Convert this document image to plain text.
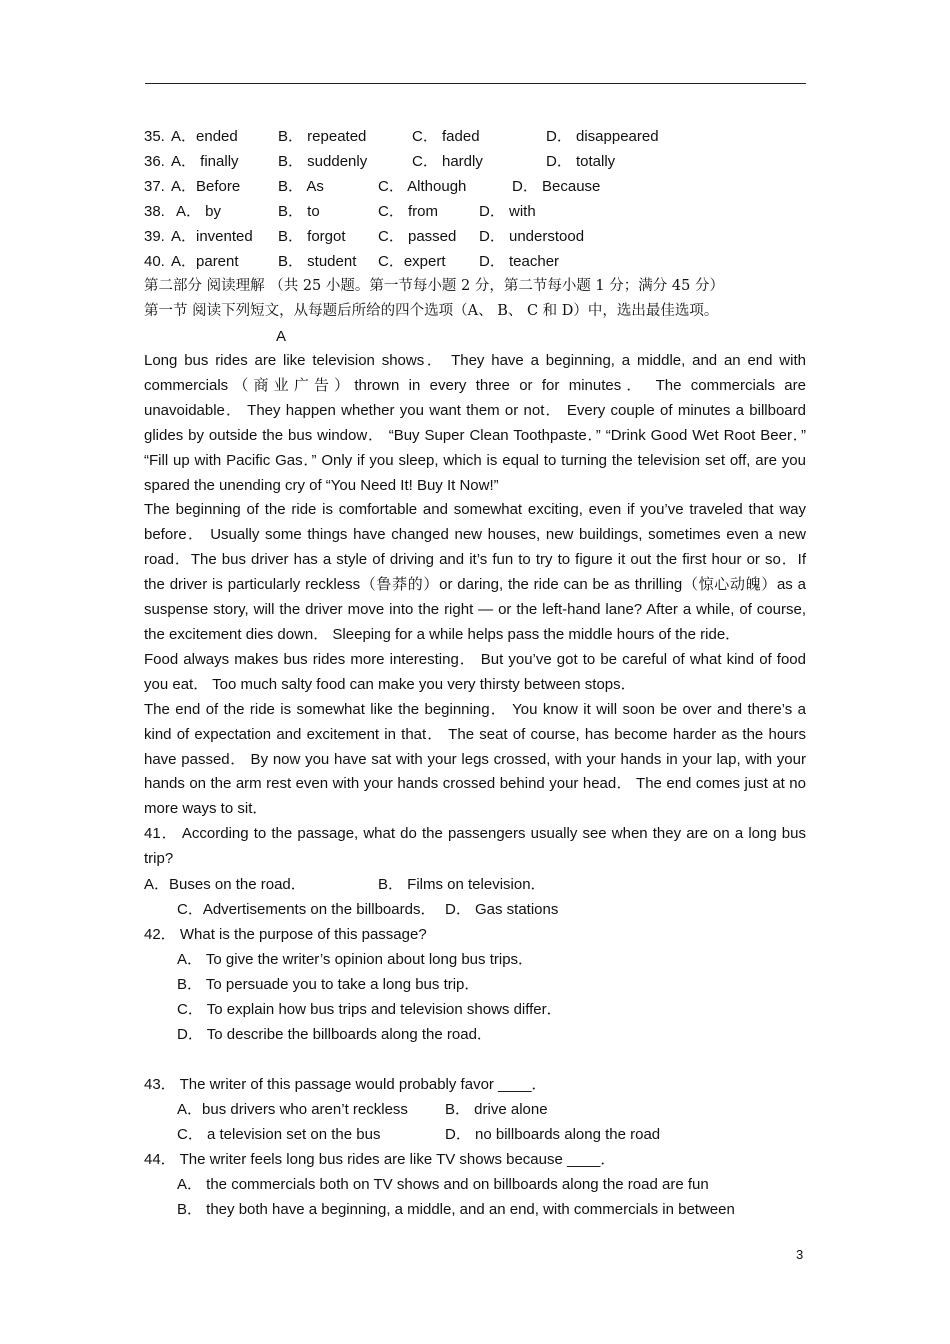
35. A．ended	B． repeated	C． faded	D． disappeared
36. A． finally	B． suddenly	C． hardly	D． totally
37. A．Before	B． As	C． Although	D． Because
38. A． by	B． to	C． from	D． with
39. A．invented B． forgot C． passed D． understood
40. A．parent	B． student C．expert D． teacher
第二部分 阅读理解 （共 25 小题。第一节每小题 2 分，第二节每小题 1 分；满分 45 分）
第一节 阅读下列短文，从每题后所给的四个选项（A、 B、 C 和 D）中，选出最佳选项。
A

Long bus rides are like television shows． They have a beginning, a middle, and an end with commercials（商业广告）thrown in every three or for minutes． The commercials are unavoidable． They happen whether you want them or not． Every couple of minutes a billboard glides by outside the bus window． “Buy Super Clean Toothpaste．” “Drink Good Wet Root Beer．” “Fill up with Pacific Gas．” Only if you sleep, which is equal to turning the television set off, are you spared the unending cry of “You Need It! Buy It Now!”

The beginning of the ride is comfortable and somewhat exciting, even if you’ve traveled that way before． Usually some things have changed new houses, new buildings, sometimes even a new road．The bus driver has a style of driving and it’s fun to try to figure it out the first hour or so．If the driver is particularly reckless（鲁莽的）or daring, the ride can be as thrilling（惊心动魄）as a suspense story, will the driver move into the right — or the left-hand lane? After a while, of course, the excitement dies down． Sleeping for a while helps pass the middle hours of the ride．

Food always makes bus rides more interesting． But you’ve got to be careful of what kind of food you eat． Too much salty food can make you very thirsty between stops．

The end of the ride is somewhat like the beginning． You know it will soon be over and there’s a kind of expectation and excitement in that． The seat of course, has become harder as the hours have passed． By now you have sat with your legs crossed, with your hands in your lap, with your hands on the arm rest even with your hands crossed behind your head． The end comes just at no more ways to sit．

41． According to the passage, what do the passengers usually see when they are on a long bus trip?

A．Buses on the road．	B． Films on television．
C．Advertisements on the billboards． D． Gas stations
42． What is the purpose of this passage?
A． To give the writer’s opinion about long bus trips．
B． To persuade you to take a long bus trip．
C． To explain how bus trips and television shows differ．
D． To describe the billboards along the road．
43． The writer of this passage would probably favor ____．
A．bus drivers who aren’t reckless B． drive alone
C． a television set on the bus	D． no billboards along the road
44． The writer feels long bus rides are like TV shows because ____．
A． the commercials both on TV shows and on billboards along the road are fun
B． they both have a beginning, a middle, and an end, with commercials in between
3
